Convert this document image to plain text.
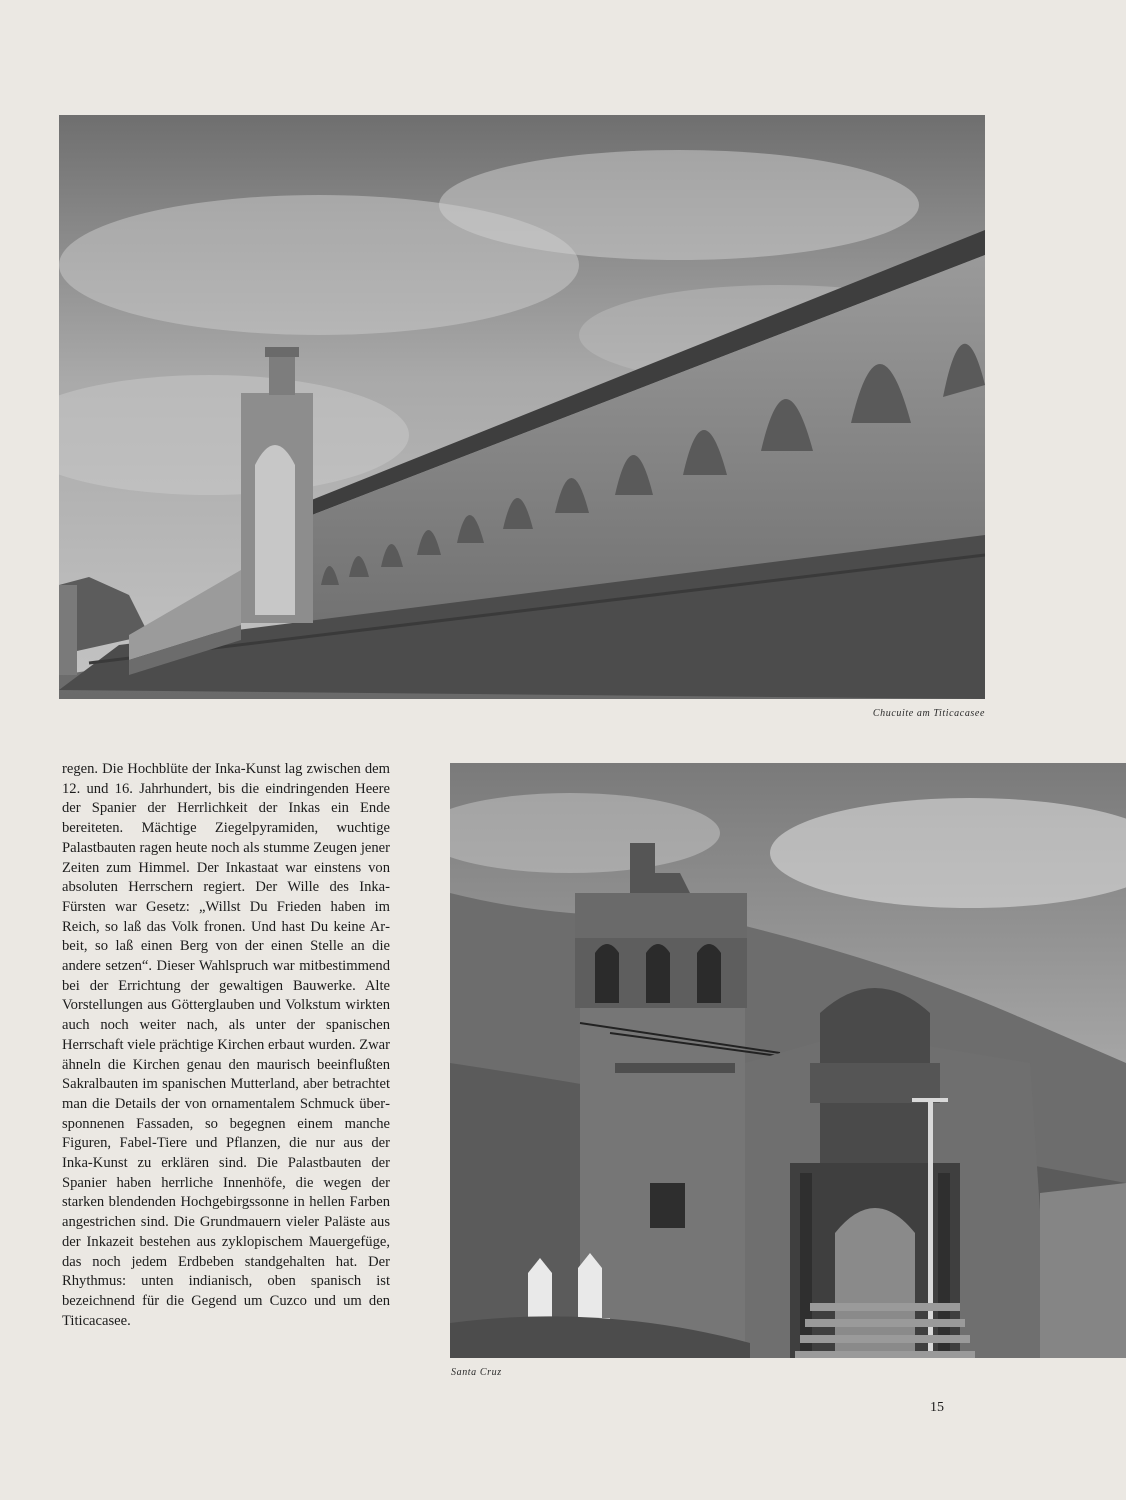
Chucuite am Titicacasee

regen. Die Hochblüte der Inka-Kunst lag zwischen dem 12. und 16. Jahrhundert, bis die eindringenden Heere der Spanier der Herrlichkeit der Inkas ein Ende bereiteten. Mächtige Ziegelpyramiden, wuchtige Palastbauten ragen heute noch als stumme Zeugen jener Zeiten zum Himmel. Der Inkastaat war einstens von absoluten Herrschern regiert. Der Wille des Inka-Fürsten war Gesetz: „Willst Du Frieden haben im Reich, so laß das Volk fronen. Und hast Du keine Arbeit, so laß einen Berg von der einen Stelle an die andere setzen“. Dieser Wahlspruch war mitbestimmend bei der Errichtung der gewaltigen Bauwerke. Alte Vorstellungen aus Götterglauben und Volkstum wirkten auch noch weiter nach, als unter der spanischen Herrschaft viele prächtige Kirchen erbaut wurden. Zwar ähneln die Kirchen genau den maurisch beeinflußten Sakralbauten im spanischen Mutterland, aber betrachtet man die Details der von ornamentalem Schmuck übersponnenen Fassaden, so begegnen einem manche Figuren, Fabel-Tiere und Pflanzen, die nur aus der Inka-Kunst zu erklären sind. Die Palastbauten der Spanier haben herrliche Innenhöfe, die wegen der starken blendenden Hochgebirgssonne in hellen Farben angestrichen sind. Die Grundmauern vieler Paläste aus der Inkazeit bestehen aus zyklopischem Mauergefüge, das noch jedem Erdbeben standgehalten hat. Der Rhythmus: unten indianisch, oben spanisch ist bezeichnend für die Gegend um Cuzco und um den Titicacasee.

Santa Cruz
15
